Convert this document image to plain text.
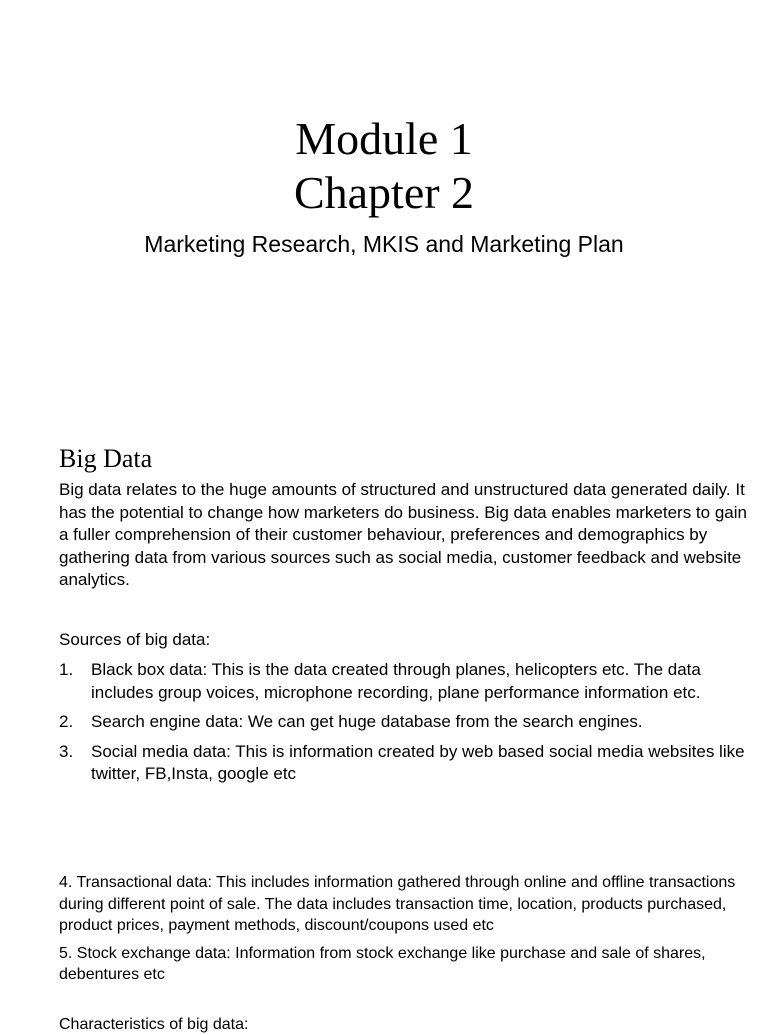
Module 1
Chapter 2
Marketing Research, MKIS and Marketing Plan
Big Data
Big data relates to the huge amounts of structured and unstructured data generated daily. It has the potential to change how marketers do business. Big data enables marketers to gain a fuller comprehension of their customer behaviour, preferences and demographics by gathering data from various sources such as social media, customer feedback and website analytics.
Sources of big data:
1.	Black box data: This is the data created through planes, helicopters etc. The data includes group voices, microphone recording, plane performance information etc.
2.	Search engine data: We can get huge database from the search engines.
3.	Social media data: This is information created by web based social media websites like twitter, FB,Insta, google etc

4. Transactional data: This includes information gathered through online and offline transactions during different point of sale. The data includes transaction time, location, products purchased, product prices, payment methods, discount/coupons used etc

5. Stock exchange data: Information from stock exchange like purchase and sale of shares, debentures etc

Characteristics of big data:
